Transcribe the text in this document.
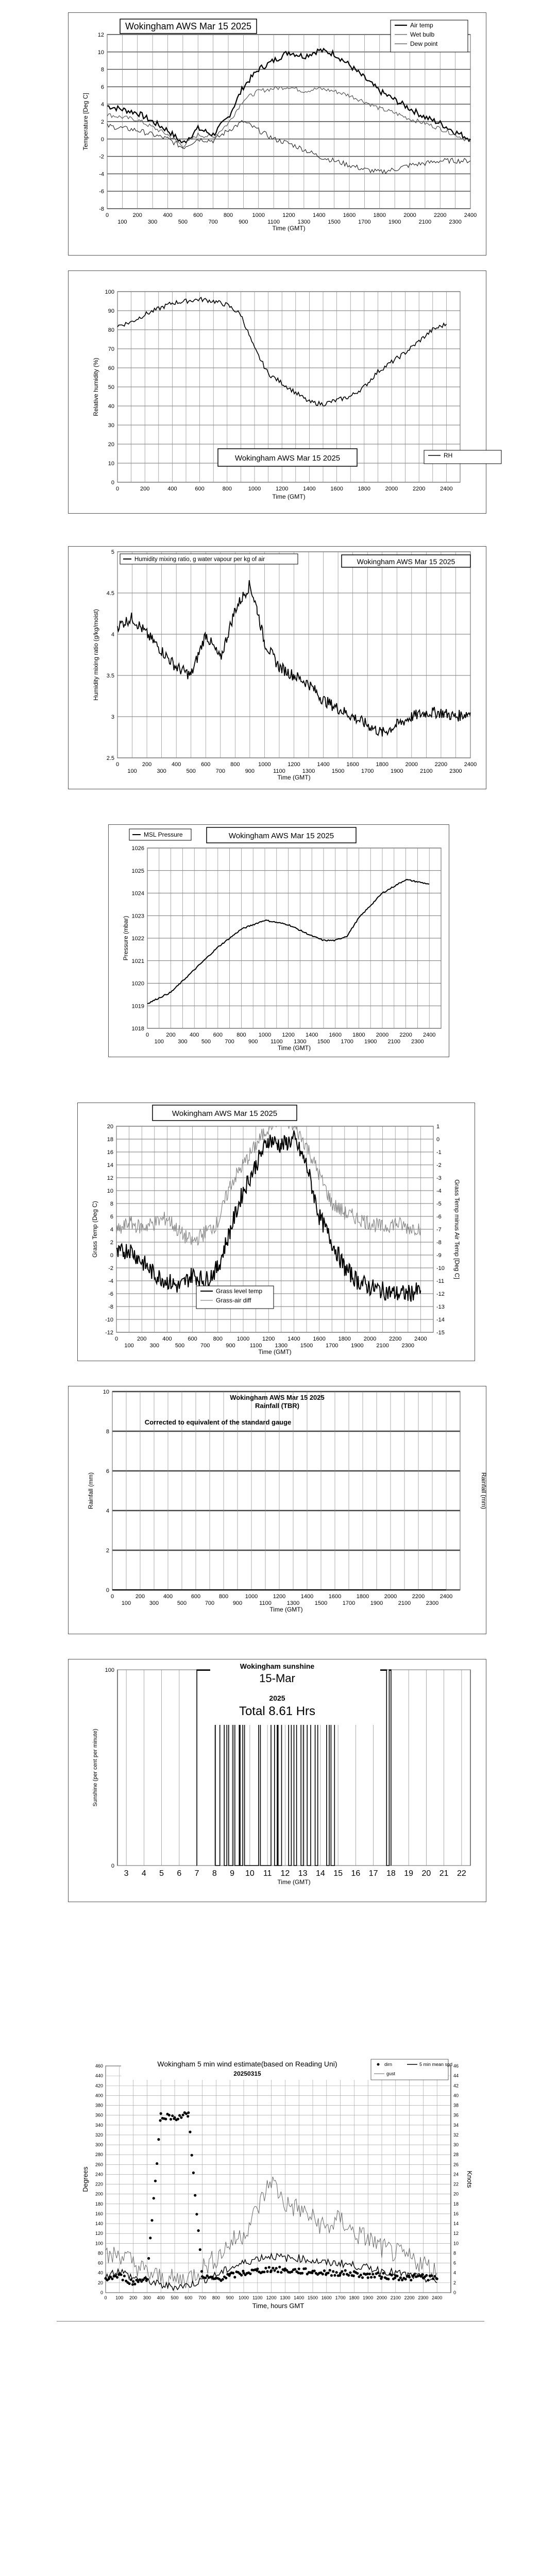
-8
-6
-4
-2
0
2
4
6
8
10
12
0	200	400	600	800	1000	1200	1400	1600	1800	2000	2200	2400
100	300	500	700	900	1100	1300	1500	1700	1900	2100	2300
Time (GMT)
Temperature [Deg C]
Wokingham AWS Mar 15 2025	Air temp
Wet bulb
Dew point
0
10
20
30
40
50
60
70
80
90
100
0	200	400	600	800	1000	1200	1400	1600	1800	2000	2200	2400
Time (GMT)
Relative humidity (%)
Wokingham AWS Mar 15 2025	RH
2.5
3
3.5
4
4.5
5
0	200	400	600	800	1000	1200	1400	1600	1800	2000	2200	2400
100	300	500	700	900	1100	1300	1500	1700	1900	2100	2300
Time (GMT)
Humidity mixing ratio (g/kg/moist)
Humidity mixing ratio, g water vapour per kg of air	Wokingham AWS Mar 15 2025
1018
1019
1020
1021
1022
1023
1024
1025
1026
0	200 400 600 800 1000 1200 1400 1600 1800 2000 2200 2400
100 300 500 700 900 1100 1300 1500 1700 1900 2100 2300
Time (GMT)
Pressure (mbar)
MSL Pressure	Wokingham AWS Mar 15 2025
-12
-10
-8
-6
-4
-2
0
2
4
6
8
10
12
14
16
18
20
-15
-14
-13
-12
-11
-10
-9
-8
-7
-6
-5
-4
-3
-2
-1
0
1
0	200	400	600	800	1000 1200 1400 1600 1800 2000 2200 2400
100	300	500	700	900	1100 1300 1500 1700 1900 2100 2300
Time (GMT)
Grass Temp (Deg C)	Grass Temp minus Air Temp [Deg C]
Wokingham AWS Mar 15 2025
Grass level temp
Grass-air diff
0
2
4
6
8
10
0	200	400	600	800	1000	1200	1400	1600	1800	2000	2200	2400
100	300	500	700	900	1100	1300	1500	1700	1900	2100	2300
Time (GMT)
Rainfall (mm)	Rainfall (mm)
Wokingham AWS Mar 15 2025
Rainfall (TBR)
Corrected to equivalent of the standard gauge
3 4 5 6 7 8 9 10 11 12 13 14 15 16 17 18 19 20 21 22
0
100
Time (GMT)
Sunshine (per cent per minute)
Wokingham sunshine
15-Mar
2025
Total 8.61 Hrs
0
20
40
60
80
100
120
140
160
180
200
220
240
260
280
300
320
340
360
380
400
420
440
460
0
2
4
6
8
10
12
14
16
18
20
22
24
26
28
30
32
34
36
38
40
42
44
46
0 100 200 300 400 500 600 700 800 900 1000 1100 1200 1300 1400 1500 1600 1700 1800 1900 2000 2100 2200 2300 2400
Time, hours GMT
Degrees	Knots
Wokingham 5 min wind estimate(based on Reading Uni)
20250315
dirn	5 min mean spd
gust
